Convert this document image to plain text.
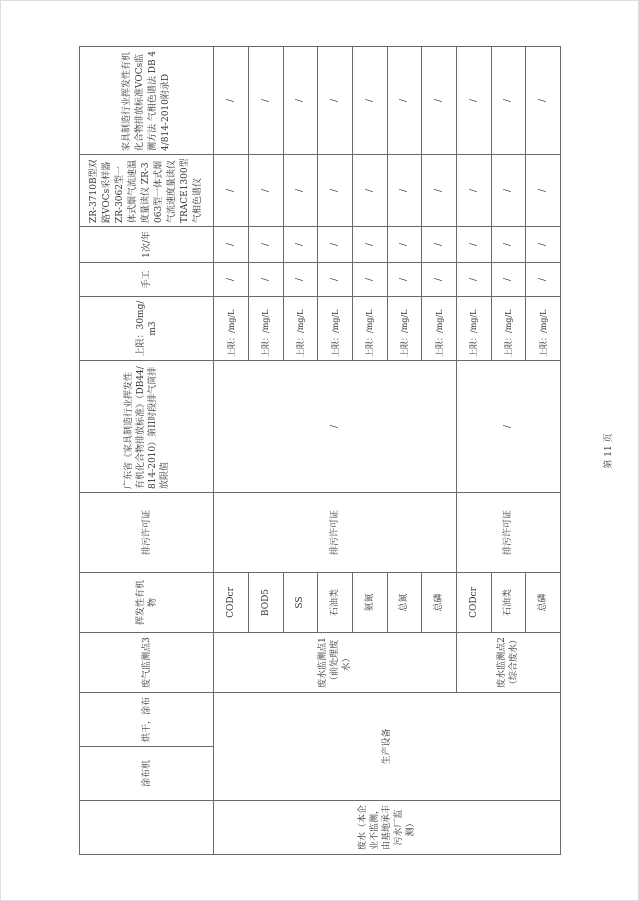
	涂布机	烘干，涂布	废气监测点3	挥发性有机物	排污许可证	广东省《家具制造行业挥发性有机化合物排放标准》（DB44/814-2010）第II时段排气筒排放限值	上限：30mg/m3	手工	1次/年	ZR-3710B型双路VOCs采样器 ZR-3062型一体式烟气流速温度量读仪 ZR-3063型一体式烟气流速度量读仪 TRACE1300型气相色谱仪	家具制造行业挥发性有机化合物排放标准VOCs监测方法 气相色谱法 DB 44/814-2010附录D
废水（本企业不监测，由基地承丰污水厂监测）	生产设备		废水监测点1（前处理废水）	CODcr	排污许可证	/	上限：/mg/L	/	/	/	/
				BOD5			上限：/mg/L	/	/	/	/
				SS			上限：/mg/L	/	/	/	/
				石油类			上限：/mg/L	/	/	/	/
				氨氮			上限：/mg/L	/	/	/	/
				总氮			上限：/mg/L	/	/	/	/
				总磷			上限：/mg/L	/	/	/	/
			废水监测点2（综合废水）	CODcr	排污许可证	/	上限：/mg/L	/	/	/	/
				石油类			上限：/mg/L	/	/	/	/
				总磷			上限：/mg/L	/	/	/	/
第 11 页
